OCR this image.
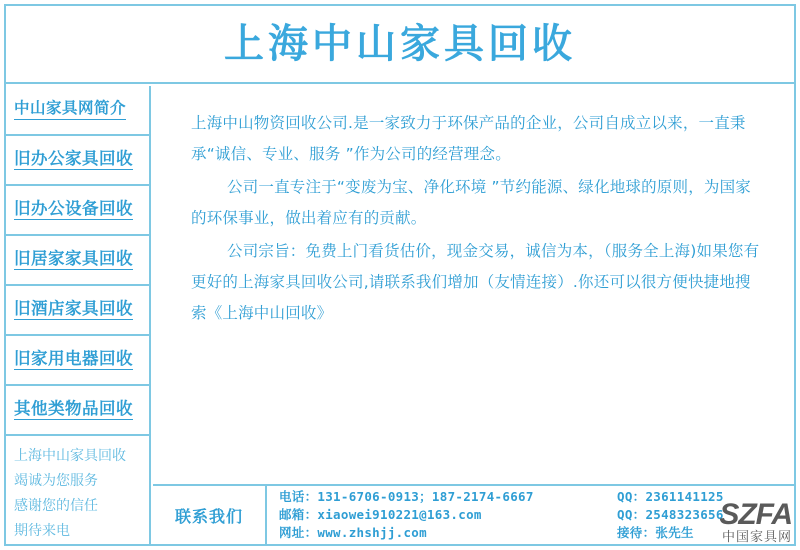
上海中山家具回收
中山家具网简介
旧办公家具回收
旧办公设备回收
旧居家家具回收
旧酒店家具回收
旧家用电器回收
其他类物品回收
上海中山家具回收
竭诚为您服务
感谢您的信任
期待来电

上海中山物资回收公司.是一家致力于环保产品的企业，公司自成立以来，一直秉承“诚信、专业、服务 ”作为公司的经营理念。

公司一直专注于“变废为宝、净化环境 ”节约能源、绿化地球的原则，为国家的环保事业，做出着应有的贡献。

公司宗旨：免费上门看货估价，现金交易，诚信为本，（服务全上海)如果您有更好的上海家具回收公司,请联系我们增加（友情连接）.你还可以很方便快捷地搜索《上海中山回收》

联系我们
电话：131-6706-0913；187-2174-6667
邮箱：xiaowei910221@163.com
网址：www.zhshjj.com
QQ：2361141125
QQ：2548323656
接待：张先生
SZFA
中国家具网
